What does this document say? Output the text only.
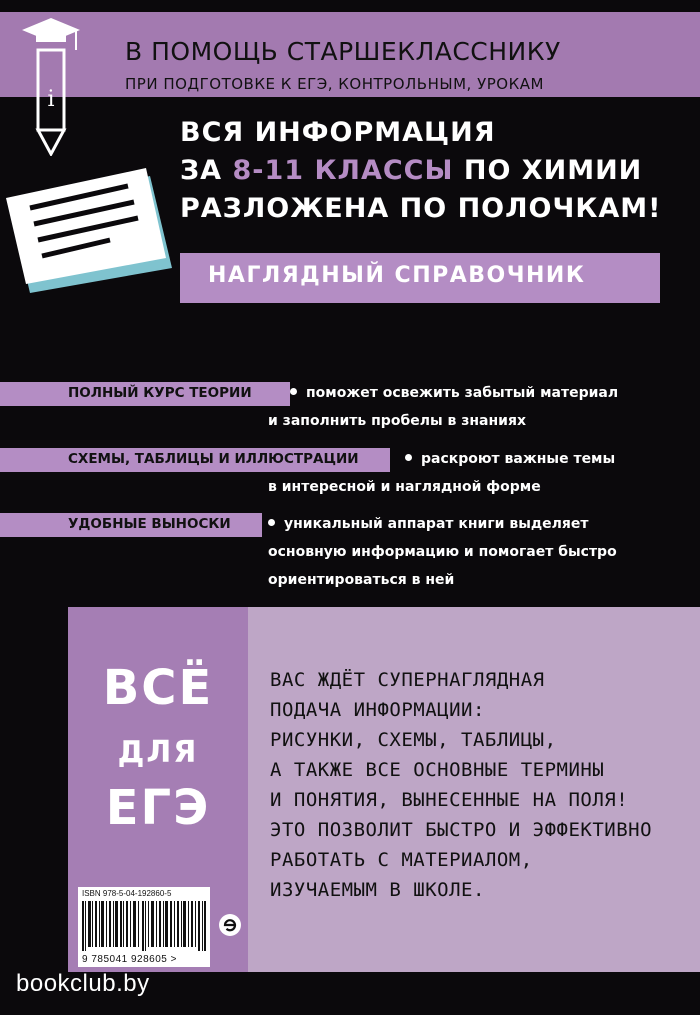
В ПОМОЩЬ СТАРШЕКЛАССНИКУ
ПРИ ПОДГОТОВКЕ К ЕГЭ, КОНТРОЛЬНЫМ, УРОКАМ
i
ВСЯ ИНФОРМАЦИЯ
ЗА 8-11 КЛАССЫ ПО ХИМИИ
РАЗЛОЖЕНА ПО ПОЛОЧКАМ!
НАГЛЯДНЫЙ СПРАВОЧНИК
ПОЛНЫЙ КУРС ТЕОРИИ	поможет освежить забытый материал
и заполнить пробелы в знаниях
СХЕМЫ, ТАБЛИЦЫ И ИЛЛЮСТРАЦИИ	раскроют важные темы
в интересной и наглядной форме
УДОБНЫЕ ВЫНОСКИ	уникальный аппарат книги выделяет
основную информацию и помогает быстро
ориентироваться в ней
ВСЁ
ДЛЯ
ЕГЭ
ВАС ЖДЁТ СУПЕРНАГЛЯДНАЯ
ПОДАЧА ИНФОРМАЦИИ:
РИСУНКИ, СХЕМЫ, ТАБЛИЦЫ,
А ТАКЖЕ ВСЕ ОСНОВНЫЕ ТЕРМИНЫ
И ПОНЯТИЯ, ВЫНЕСЕННЫЕ НА ПОЛЯ!
ЭТО ПОЗВОЛИТ БЫСТРО И ЭФФЕКТИВНО
РАБОТАТЬ С МАТЕРИАЛОМ,
ИЗУЧАЕМЫМ В ШКОЛЕ.
ISBN 978-5-04-192860-5
9 785041 928605 >
bookclub.by
